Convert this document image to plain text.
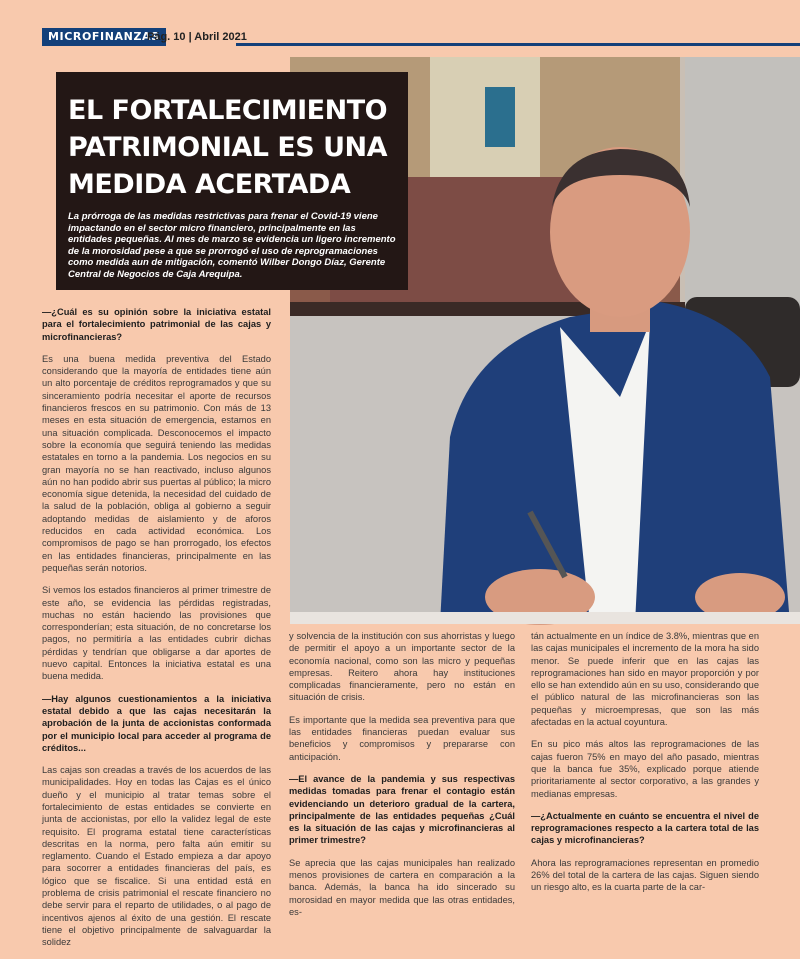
MICROFINANZAS
Pág. 10 | Abril 2021
EL FORTALECIMIENTO PATRIMONIAL ES UNA MEDIDA ACERTADA

La prórroga de las medidas restrictivas para frenar el Covid-19 viene impactando en el sector micro financiero, principalmente en las entidades pequeñas. Al mes de marzo se evidencia un ligero incremento de la morosidad pese a que se prorrogó el uso de reprogramaciones como medida aun de mitigación, comentó Wilber Dongo Díaz, Gerente Central de Negocios de Caja Arequipa.

—¿Cuál es su opinión sobre la iniciativa estatal para el fortalecimiento patrimonial de las cajas y microfinancieras?

Es una buena medida preventiva del Estado considerando que la mayoría de entidades tiene aún un alto porcentaje de créditos reprogramados y que su sinceramiento podría necesitar el aporte de recursos financieros frescos en su patrimonio. Con más de 13 meses en esta situación de emergencia, estamos en una situación complicada. Desconocemos el impacto sobre la economía que seguirá teniendo las medidas estatales en torno a la pandemia. Los negocios en su gran mayoría no se han reactivado, incluso algunos aún no han podido abrir sus puertas al público; la micro economía sigue detenida, la necesidad del cuidado de la salud de la población, obliga al gobierno a seguir adoptando medidas de aislamiento y de aforos reducidos en cada actividad económica. Los compromisos de pago se han prorrogado, los efectos en las entidades financieras, principalmente en las pequeñas serán notorios.

Si vemos los estados financieros al primer trimestre de este año, se evidencia las pérdidas registradas, muchas no están haciendo las provisiones que corresponderían; esta situación, de no concretarse los pagos, no permitiría a las entidades cubrir dichas pérdidas y tendrían que obligarse a dar aportes de nuevo capital. Entonces la iniciativa estatal es una buena medida.

—Hay algunos cuestionamientos a la iniciativa estatal debido a que las cajas necesitarán la aprobación de la junta de accionistas conformada por el municipio local para acceder al programa de créditos...

Las cajas son creadas a través de los acuerdos de las municipalidades. Hoy en todas las Cajas es el único dueño y el municipio al tratar temas sobre el fortalecimiento de estas entidades se convierte en junta de accionistas, por ello la validez legal de este requisito. El programa estatal tiene características descritas en la norma, pero falta aún emitir su reglamento. Cuando el Estado empieza a dar apoyo para socorrer a entidades financieras del país, es lógico que se fiscalice. Si una entidad está en problema de crisis patrimonial el rescate financiero no debe servir para el reparto de utilidades, o al pago de incentivos ajenos al éxito de una gestión. El rescate tiene el objetivo principalmente de salvaguardar la solidez

y solvencia de la institución con sus ahorristas y luego de permitir el apoyo a un importante sector de la economía nacional, como son las micro y pequeñas empresas. Reitero ahora hay instituciones complicadas financieramente, pero no están en situación de crisis.

Es importante que la medida sea preventiva para que las entidades financieras puedan evaluar sus beneficios y compromisos y prepararse con anticipación.

—El avance de la pandemia y sus respectivas medidas tomadas para frenar el contagio están evidenciando un deterioro gradual de la cartera, principalmente de las entidades pequeñas ¿Cuál es la situación de las cajas y microfinancieras al primer trimestre?

Se aprecia que las cajas municipales han realizado menos provisiones de cartera en comparación a la banca. Además, la banca ha ido sincerado su morosidad en mayor medida que las otras entidades, es-

tán actualmente en un índice de 3.8%, mientras que en las cajas municipales el incremento de la mora ha sido menor. Se puede inferir que en las cajas las reprogramaciones han sido en mayor proporción y por ello se han extendido aún en su uso, considerando que el público natural de las microfinancieras son las pequeñas y microempresas, que son las más afectadas en la actual coyuntura.

En su pico más altos las reprogramaciones de las cajas fueron 75% en mayo del año pasado, mientras que la banca fue 35%, explicado porque atiende prioritariamente al sector corporativo, a las grandes y medianas empresas.

—¿Actualmente en cuánto se encuentra el nivel de reprogramaciones respecto a la cartera total de las cajas y microfinancieras?

Ahora las reprogramaciones representan en promedio 26% del total de la cartera de las cajas. Siguen siendo un riesgo alto, es la cuarta parte de la car-
